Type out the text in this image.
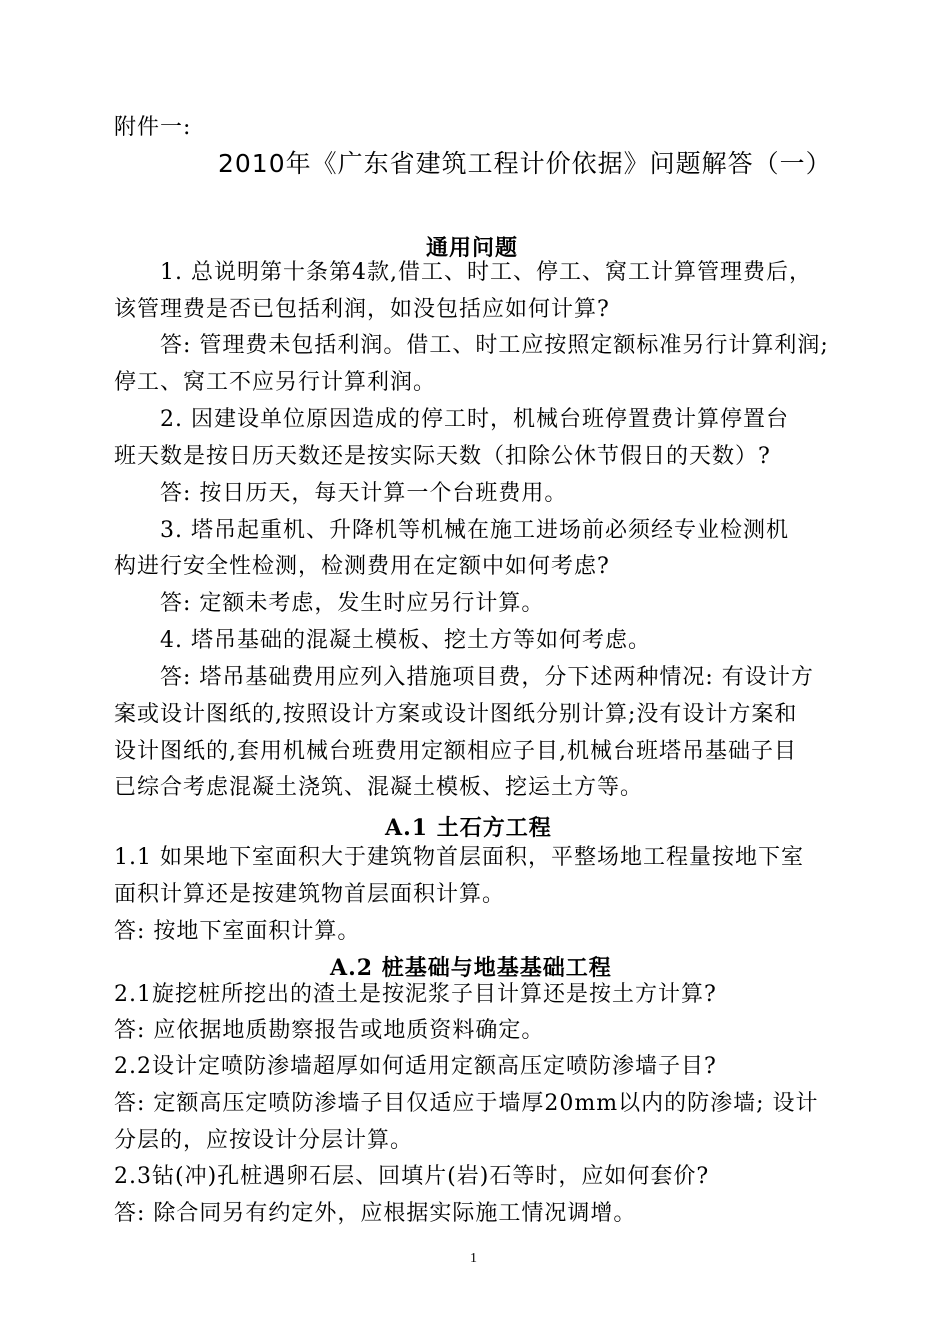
附件一:
2010年《广东省建筑工程计价依据》问题解答（一）
通用问题
1. 总说明第十条第4款,借工、时工、停工、窝工计算管理费后，
该管理费是否已包括利润，如没包括应如何计算?
答: 管理费未包括利润。借工、时工应按照定额标准另行计算利润;
停工、窝工不应另行计算利润。
2. 因建设单位原因造成的停工时，机械台班停置费计算停置台
班天数是按日历天数还是按实际天数（扣除公休节假日的天数）?
答: 按日历天，每天计算一个台班费用。
3. 塔吊起重机、升降机等机械在施工进场前必须经专业检测机
构进行安全性检测，检测费用在定额中如何考虑?
答: 定额未考虑，发生时应另行计算。
4. 塔吊基础的混凝土模板、挖土方等如何考虑。
答: 塔吊基础费用应列入措施项目费，分下述两种情况: 有设计方
案或设计图纸的,按照设计方案或设计图纸分别计算;没有设计方案和
设计图纸的,套用机械台班费用定额相应子目,机械台班塔吊基础子目
已综合考虑混凝土浇筑、混凝土模板、挖运土方等。
A.1 土石方工程
1.1 如果地下室面积大于建筑物首层面积，平整场地工程量按地下室
面积计算还是按建筑物首层面积计算。
答: 按地下室面积计算。
A.2 桩基础与地基基础工程
2.1旋挖桩所挖出的渣土是按泥浆子目计算还是按土方计算?
答: 应依据地质勘察报告或地质资料确定。
2.2设计定喷防渗墙超厚如何适用定额高压定喷防渗墙子目?
答: 定额高压定喷防渗墙子目仅适应于墙厚20mm以内的防渗墙; 设计
分层的，应按设计分层计算。
2.3钻(冲)孔桩遇卵石层、回填片(岩)石等时，应如何套价?
答: 除合同另有约定外，应根据实际施工情况调增。
1
